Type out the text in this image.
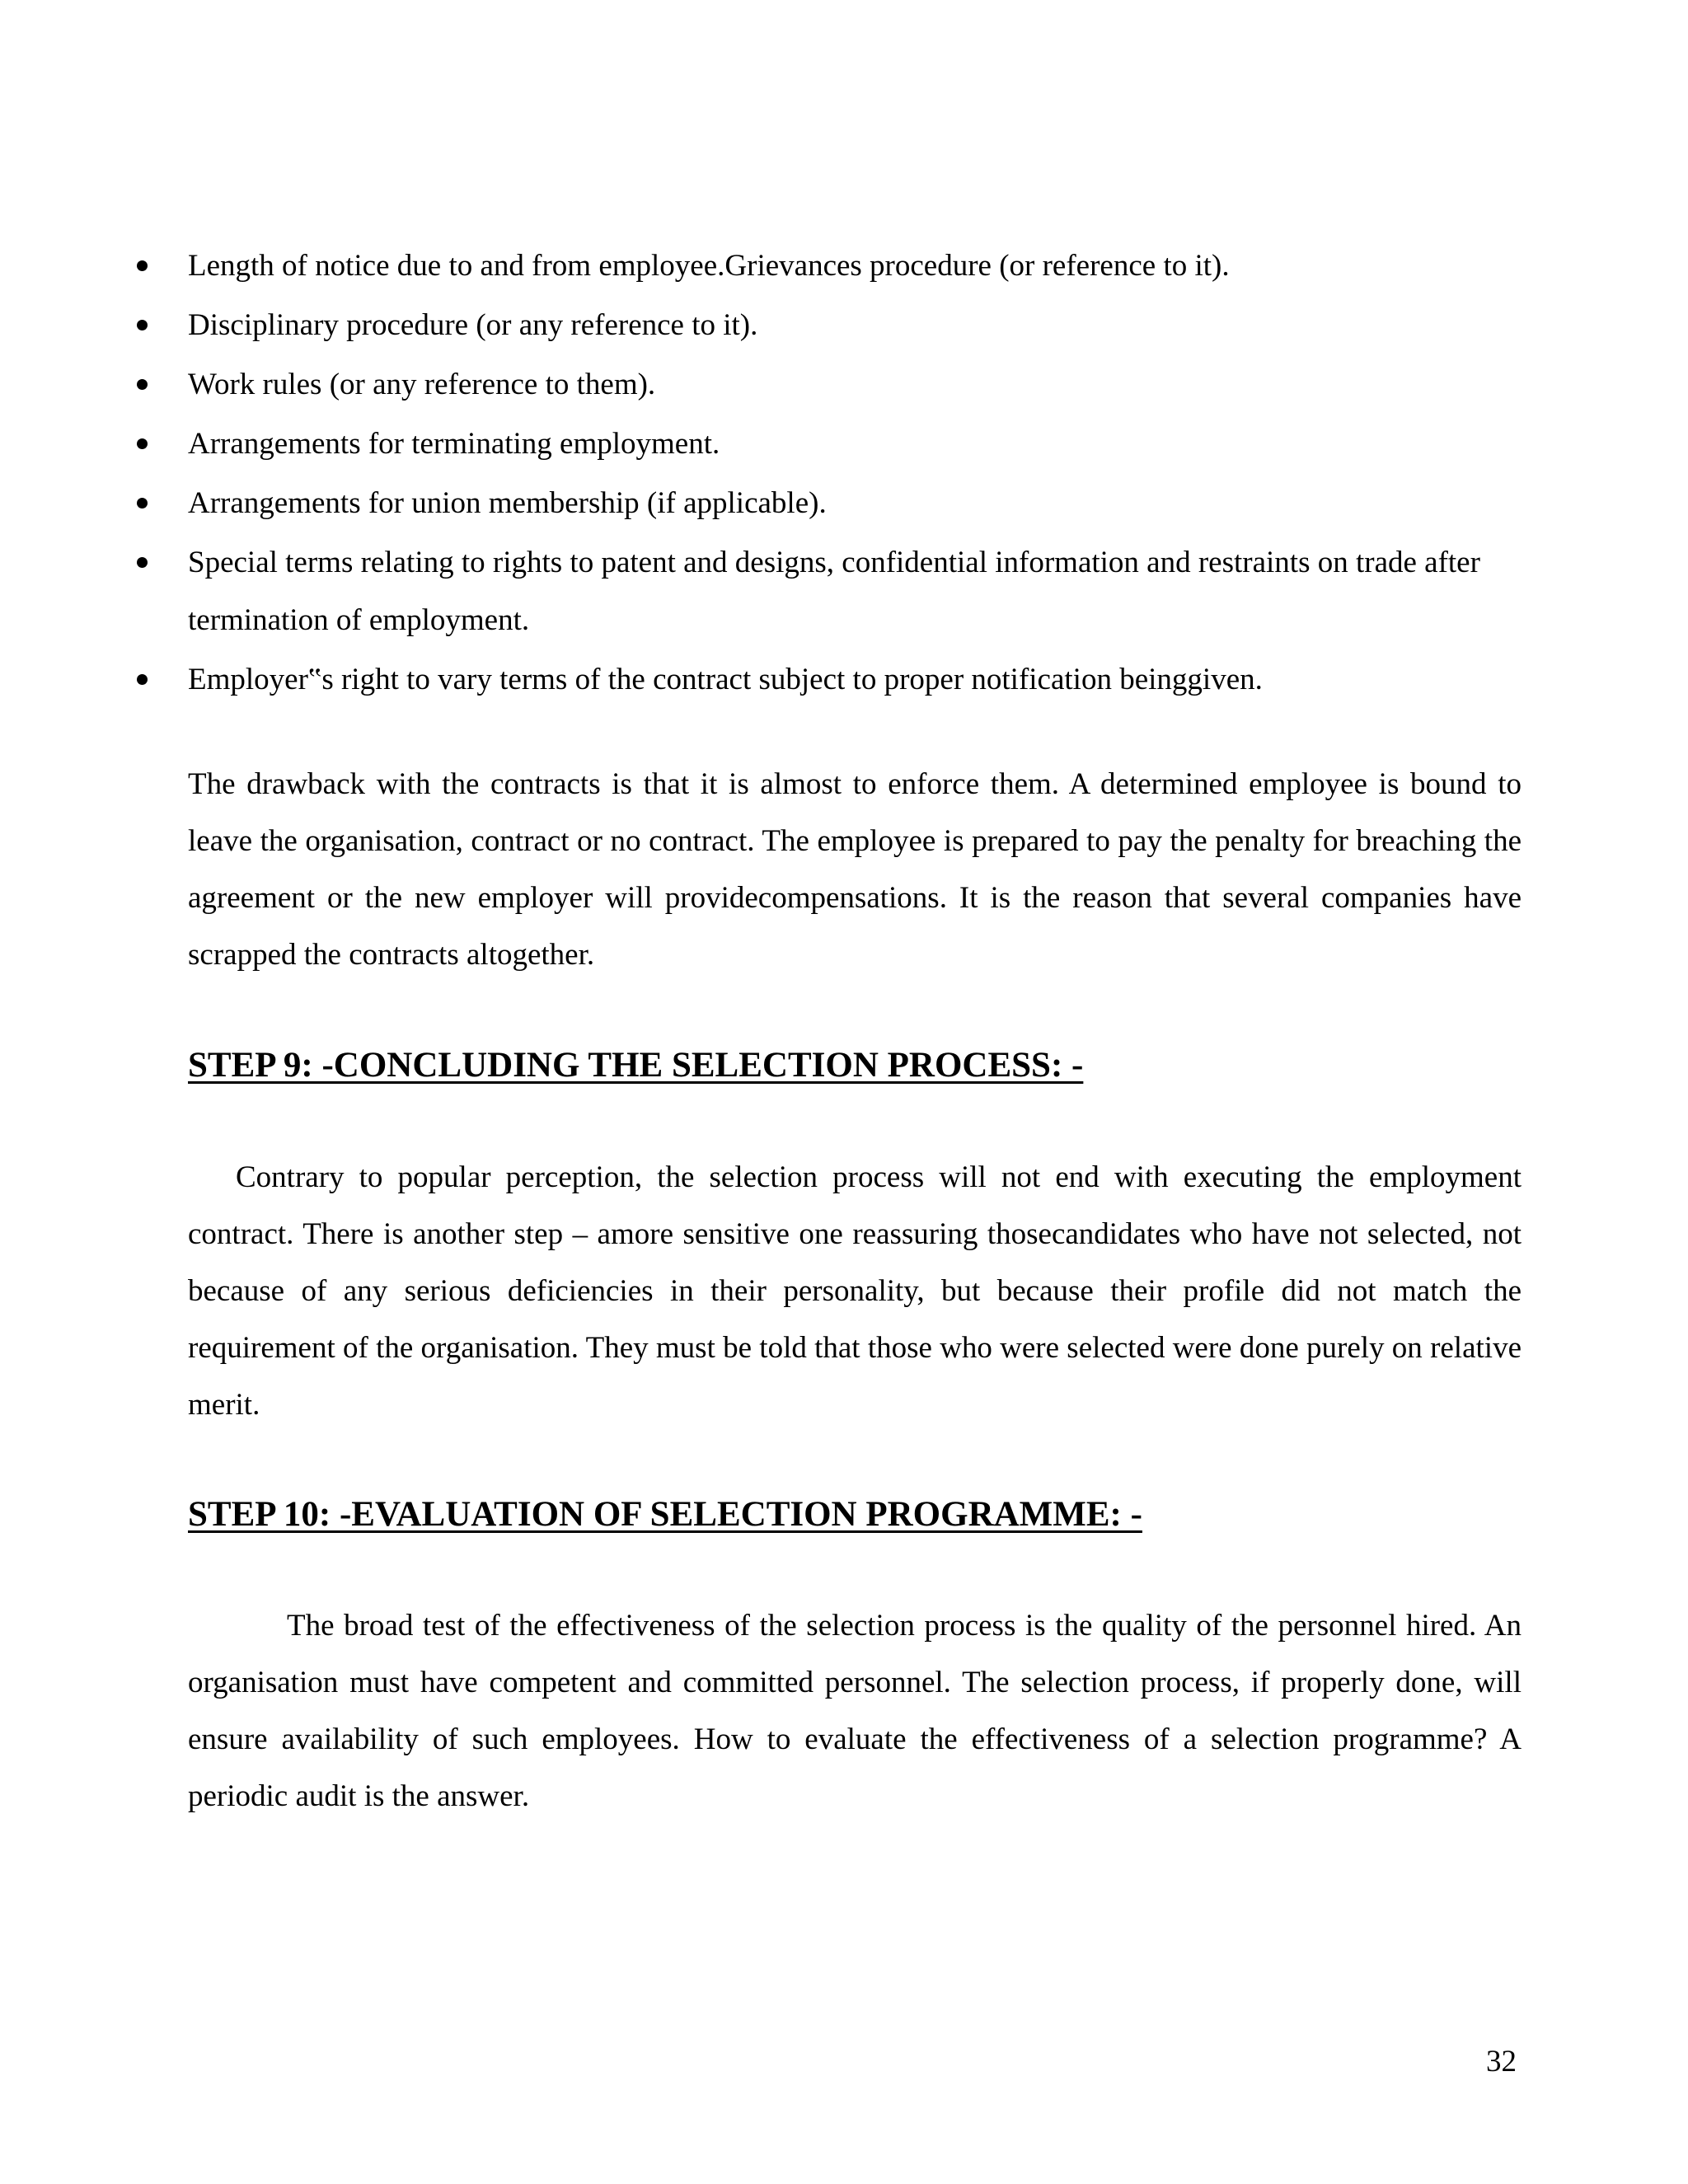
Length of notice due to and from employee.Grievances procedure (or reference to it).
Disciplinary procedure (or any reference to it).
Work rules (or any reference to them).
Arrangements for terminating employment.
Arrangements for union membership (if applicable).
Special terms relating to rights to patent and designs, confidential information and restraints on trade after termination of employment.
Employer‟s right to vary terms of the contract subject to proper notification beinggiven.

The drawback with the contracts is that it is almost to enforce them. A determined employee is bound to leave the organisation, contract or no contract. The employee is prepared to pay the penalty for breaching the agreement or the new employer will providecompensations. It is the reason that several companies have scrapped the contracts altogether.

STEP 9: -CONCLUDING THE SELECTION PROCESS: -

Contrary to popular perception, the selection process will not end with executing the employment contract. There is another step – amore sensitive one reassuring thosecandidates who have not selected, not because of any serious deficiencies in their personality, but because their profile did not match the requirement of the organisation. They must be told that those who were selected were done purely on relative merit.

STEP 10: -EVALUATION OF SELECTION PROGRAMME: -

The broad test of the effectiveness of the selection process is the quality of the personnel hired. An organisation must have competent and committed personnel. The selection process, if properly done, will ensure availability of such employees. How to evaluate the effectiveness of a selection programme? A periodic audit is the answer.

32
